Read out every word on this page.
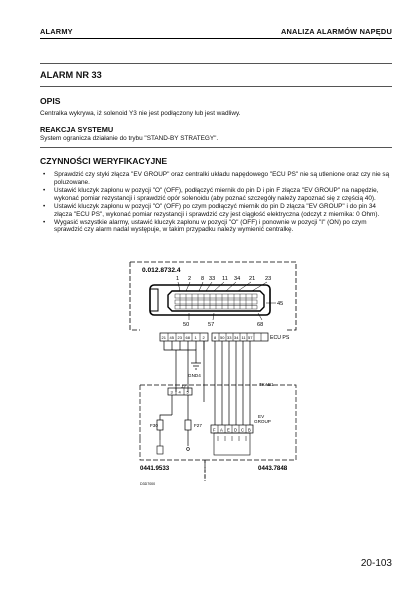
ALARMY	ANALIZA ALARMÓW NAPĘDU
ALARM NR 33
OPIS
Centralka wykrywa, iż solenoid Y3 nie jest podłączony lub jest wadliwy.
REAKCJA SYSTEMU
System ogranicza działanie do trybu "STAND-BY STRATEGY".
CZYNNOŚCI WERYFIKACYJNE
• Sprawdzić czy styki złącza "EV GROUP" oraz centralki układu napędowego "ECU PS" nie są utlenione oraz czy nie są poluzowane.
• Ustawić kluczyk zapłonu w pozycji "O" (OFF), podłączyć miernik do pin D i pin F złącza "EV GROUP" na napędzie, wykonać pomiar rezystancji i sprawdzić opór solenoidu (aby poznać szczegóły należy zapoznać się z częścią 40).
• Ustawić kluczyk zapłonu w pozycji "O" (OFF) po czym podłączyć miernik do pin D złącza "EV GROUP" i do pin 34 złącza "ECU PS", wykonać pomiar rezystancji i sprawdzić czy jest ciągłość elektryczna (odczyt z miernika: 0 Ohm).
• Wygasić wszystkie alarmy, ustawić kluczyk zapłonu w pozycji "O" (OFF) i ponownie w pozycji "I" (ON) po czym sprawdzić czy alarm nadal występuje, w takim przypadku należy wymienić centralkę.
0.012.8732.4
1 2 8 33 11 34 21 23
45
50	57	68
21 45 23 68 1 2 8 50 33 34 11 57	ECU PS
GND4
J2	TKAB1
3 4 5
F30	F27
F A E D C B
EV
GROUP
0441.9533	0443.7848
D3D7000
20-103
